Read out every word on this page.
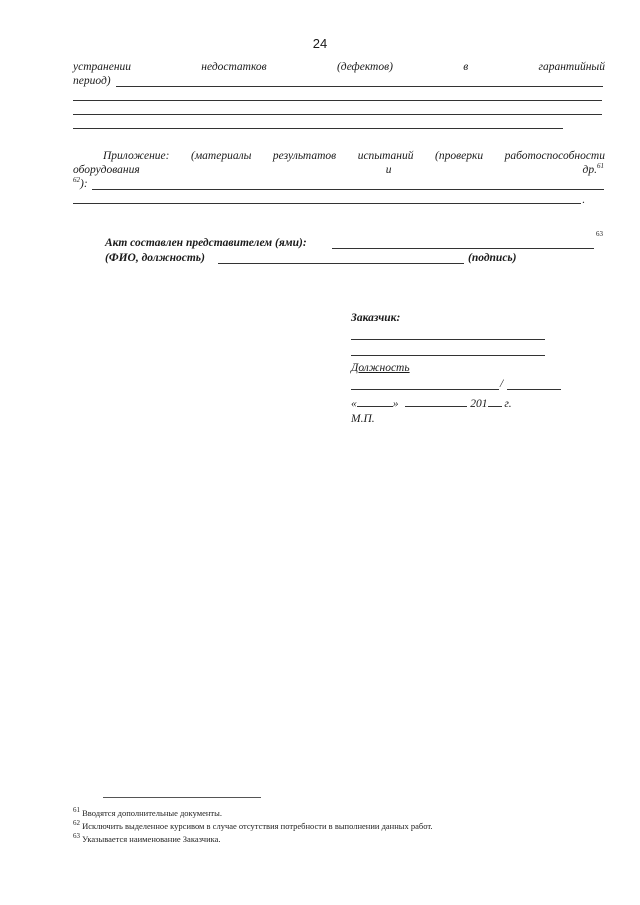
24
устранении	недостатков	(дефектов)	в	гарантийный
период)
Приложение: (материалы результатов испытаний (проверки работоспособности
оборудования	и	др.$^{61}$
$^{62}$):
.
Акт составлен представителем (ями):
$^{63}$
(ФИО, должность)	(подпись)
Заказчик:
Должность
/
«	»	201 г.
М.П.
$^{61}$ Вводятся дополнительные документы.
$^{62}$ Исключить выделенное курсивом в случае отсутствия потребности в выполнении данных работ.
$^{63}$ Указывается наименование Заказчика.
